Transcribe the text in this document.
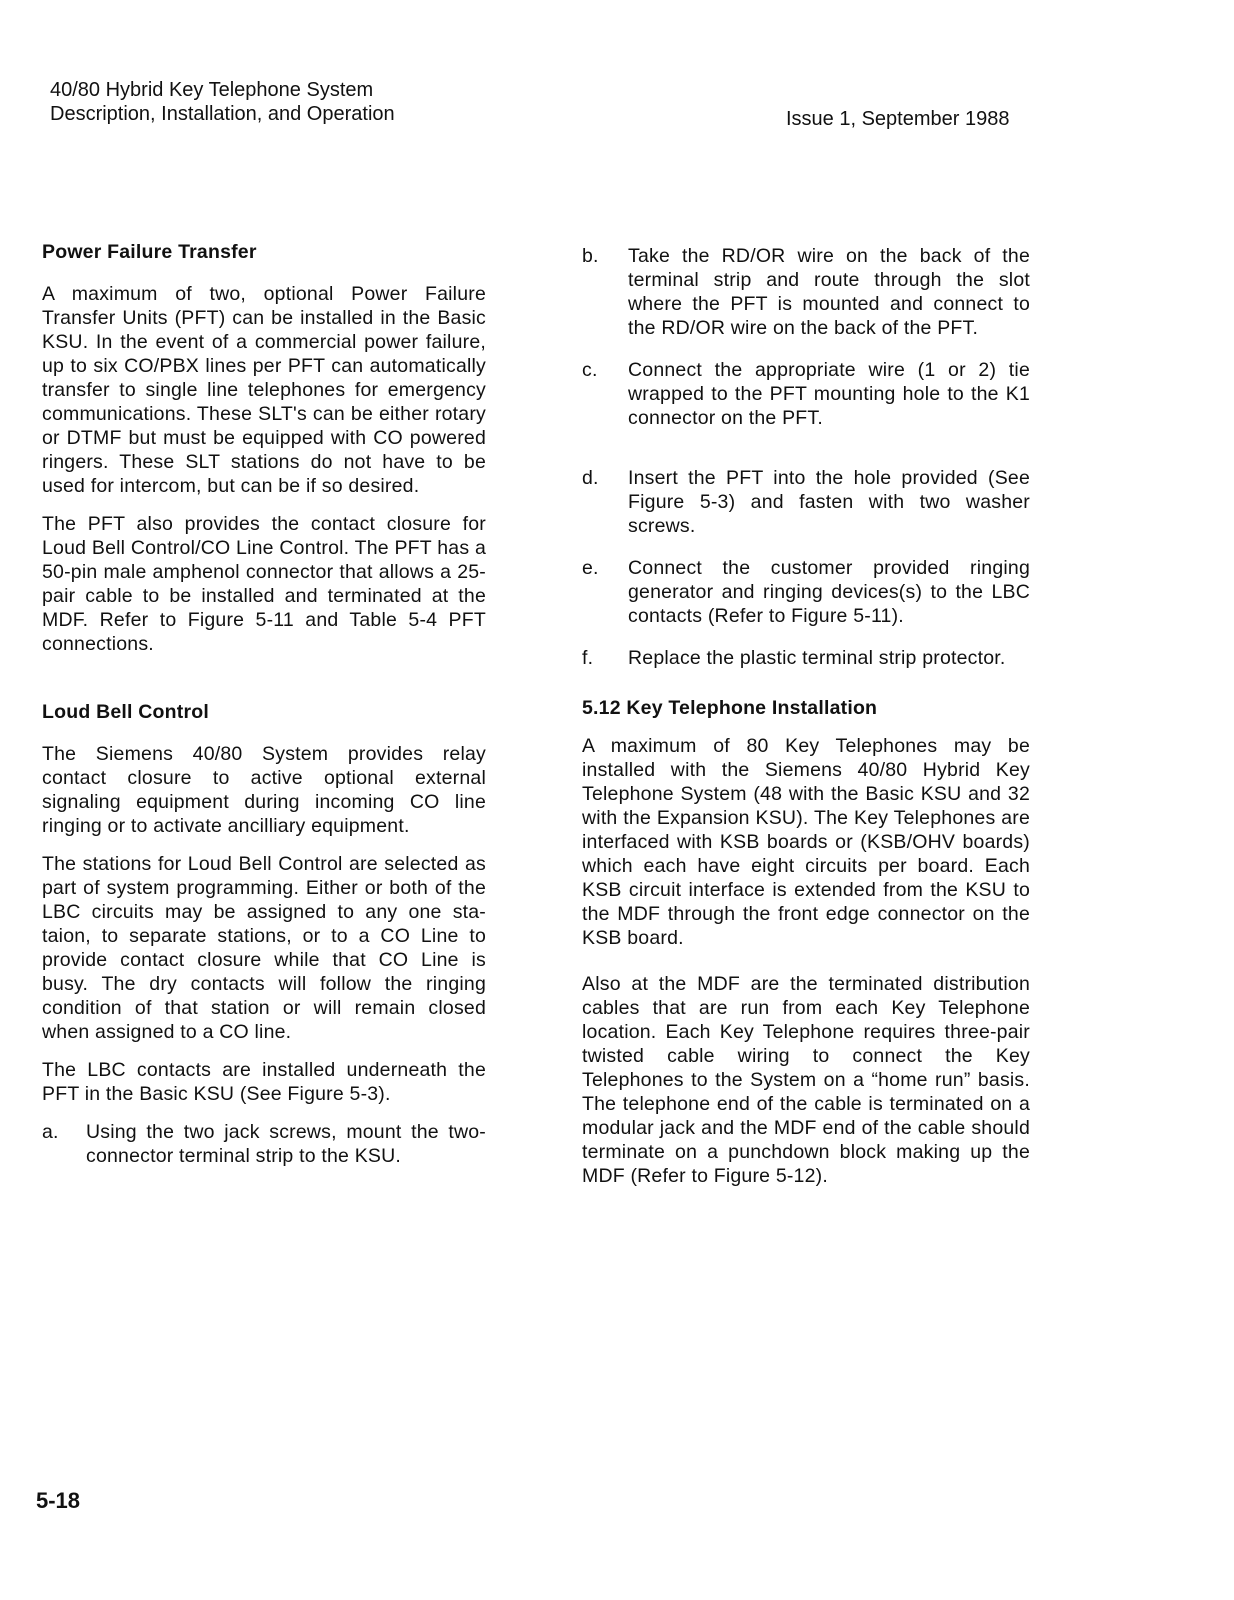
40/80 Hybrid Key Telephone System
Description, Installation, and Operation	Issue 1, September 1988
Power Failure Transfer

A maximum of two, optional Power Failure Transfer Units (PFT) can be installed in the Basic KSU. In the event of a commercial power failure, up to six CO/PBX lines per PFT can automatically transfer to single line telephones for emergency communications. These SLT's can be either rotary or DTMF but must be equipped with CO powered ringers. These SLT stations do not have to be used for intercom, but can be if so desired.

The PFT also provides the contact closure for Loud Bell Control/CO Line Control. The PFT has a 50-pin male amphenol connector that allows a 25-pair cable to be installed and terminated at the MDF. Refer to Figure 5-11 and Table 5-4 PFT connections.

Loud Bell Control

The Siemens 40/80 System provides relay contact closure to active optional external signaling equipment during incoming CO line ringing or to activate ancilliary equipment.

The stations for Loud Bell Control are selected as part of system programming. Either or both of the LBC circuits may be assigned to any one sta-taion, to separate stations, or to a CO Line to provide contact closure while that CO Line is busy. The dry contacts will follow the ringing condition of that station or will remain closed when assigned to a CO line.

The LBC contacts are installed underneath the PFT in the Basic KSU (See Figure 5-3).

a. Using the two jack screws, mount the two-connector terminal strip to the KSU.
b. Take the RD/OR wire on the back of the terminal strip and route through the slot where the PFT is mounted and connect to the RD/OR wire on the back of the PFT.
c. Connect the appropriate wire (1 or 2) tie wrapped to the PFT mounting hole to the K1 connector on the PFT.
d. Insert the PFT into the hole provided (See Figure 5-3) and fasten with two washer screws.
e. Connect the customer provided ringing generator and ringing devices(s) to the LBC contacts (Refer to Figure 5-11).
f. Replace the plastic terminal strip protector.
5.12 Key Telephone Installation

A maximum of 80 Key Telephones may be installed with the Siemens 40/80 Hybrid Key Telephone System (48 with the Basic KSU and 32 with the Expansion KSU). The Key Telephones are interfaced with KSB boards or (KSB/OHV boards) which each have eight circuits per board. Each KSB circuit interface is extended from the KSU to the MDF through the front edge connector on the KSB board.

Also at the MDF are the terminated distribution cables that are run from each Key Telephone location. Each Key Telephone requires three-pair twisted cable wiring to connect the Key Telephones to the System on a “home run” basis. The telephone end of the cable is terminated on a modular jack and the MDF end of the cable should terminate on a punchdown block making up the MDF (Refer to Figure 5-12).

5-18
